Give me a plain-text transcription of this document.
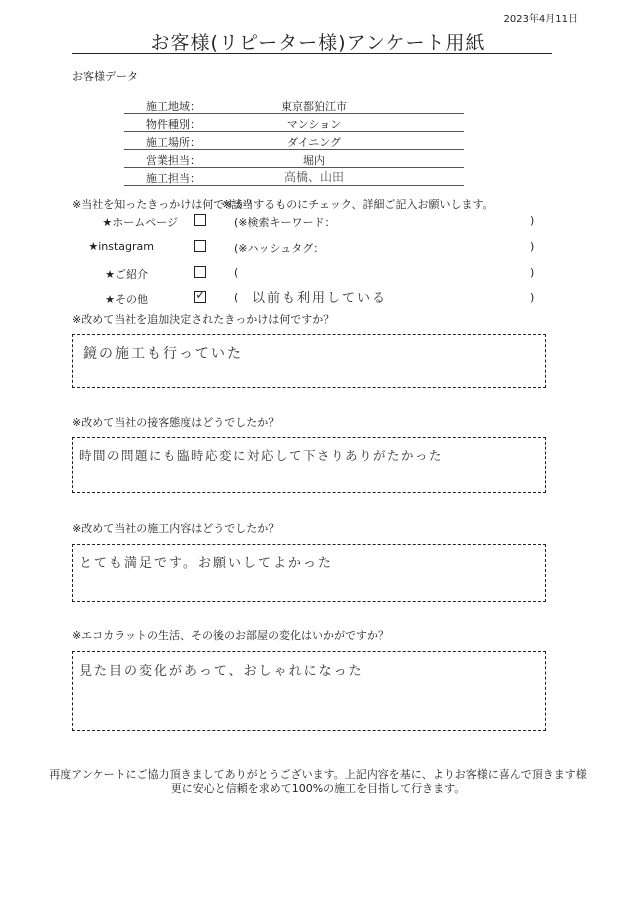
2023年4月11日
お客様(リピーター様)アンケート用紙
お客様データ
施工地域：	東京都狛江市
物件種別：	マンション
施工場所：	ダイニング
営業担当：	堀内
施工担当：	高橋、山田
※当社を知ったきっかけは何ですか？
※該当するものにチェック、詳細ご記入お願いします。
★ホームページ	(※検索キーワード：	)
★instagram	(※ハッシュタグ：	)
★ご紹介	(	)
★その他	✓	( 以前も利用している	)
※改めて当社を追加決定されたきっかけは何ですか？
鏡の施工も行っていた
※改めて当社の接客態度はどうでしたか？
時間の問題にも臨時応変に対応して下さりありがたかった
※改めて当社の施工内容はどうでしたか？
とても満足です。お願いしてよかった
※エコカラットの生活、その後のお部屋の変化はいかがですか？
見た目の変化があって、おしゃれになった
再度アンケートにご協力頂きましてありがとうございます。上記内容を基に、よりお客様に喜んで頂きます様
更に安心と信頼を求めて100%の施工を目指して行きます。
